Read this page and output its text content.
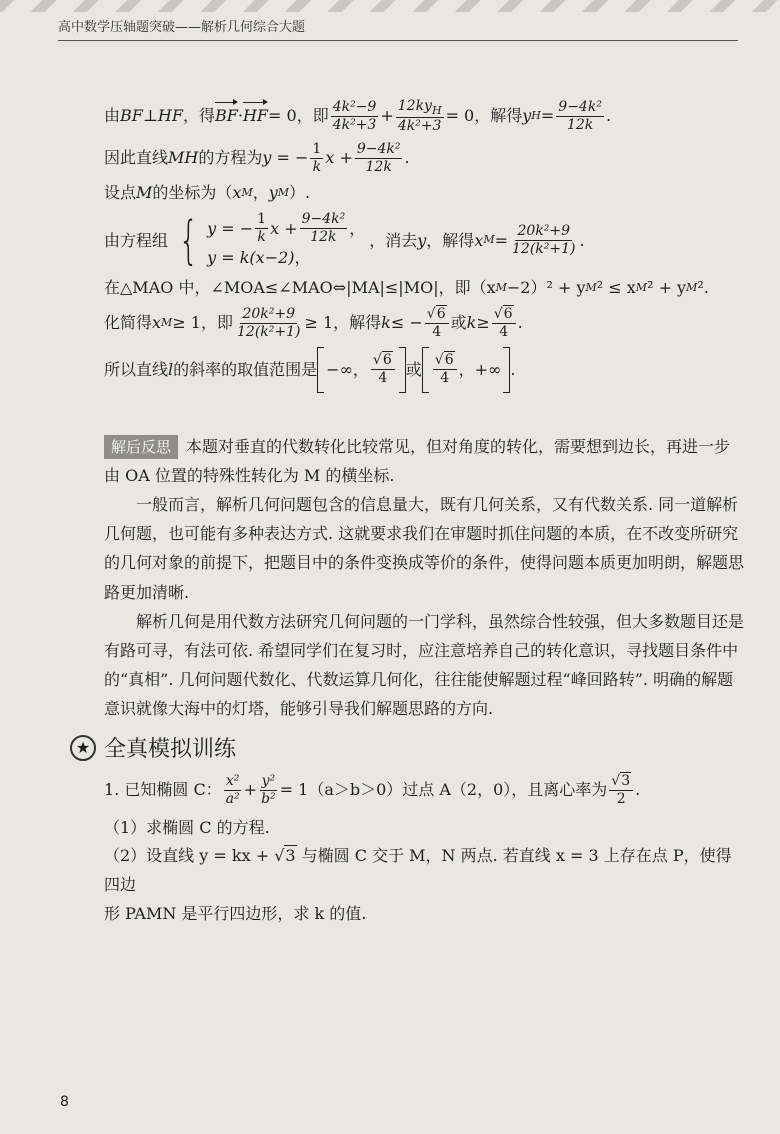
高中数学压轴题突破——解析几何综合大题
由 BF ⊥ HF ，得 BF · HF = 0，即 $\frac{\text{4k²−9}}{\text{4k²+3}} + \frac{12ky_H}{\text{4k²+3}} = 0$，解得 y $H = \frac{\text{9−4k²}}{12k}$ .
因此直线 MH 的方程为 y = − $\frac{1}{k}$ $x + \frac{\text{9−4k²}}{12k}$ .
设点 M 的坐标为（ x M ， y M ）.
由方程组 { y = − $\frac{1}{k}$ $x + \frac{\text{9−4k²}}{12k}$ ，
y = k(x−2) ，
，消去 y ，解得 x $M = \frac{\text{20k²+9}}{\text{12(k²+1)}}$ .
在△MAO 中，∠MOA≤∠MAO⇔|MA|≤|MO|，即（x M −2）² + y M ² ≤ x M ² + y M ².
化简得 x M ≥ 1，即 $\frac{\text{20k²+9}}{\text{12(k²+1)}} \ge 1$，解得 k ≤ − $\frac{√6}{4}$ 或 $k \ge \frac{√6}{4}$ .
所以直线 l 的斜率的取值范围是 −∞， $\frac{√6}{4}$ 或 $\frac{√6}{4}$ ，+∞ .

解后反思 本题对垂直的代数转化比较常见，但对角度的转化，需要想到边长，再进一步由 OA 位置的特殊性转化为 M 的横坐标.

一般而言，解析几何问题包含的信息量大，既有几何关系，又有代数关系. 同一道解析几何题，也可能有多种表达方式. 这就要求我们在审题时抓住问题的本质，在不改变所研究的几何对象的前提下，把题目中的条件变换成等价的条件，使得问题本质更加明朗，解题思路更加清晰.

解析几何是用代数方法研究几何问题的一门学科，虽然综合性较强，但大多数题目还是有路可寻，有法可依. 希望同学们在复习时，应注意培养自己的转化意识，寻找题目条件中的“真相”. 几何问题代数化、代数运算几何化，往往能使解题过程“峰回路转”. 明确的解题意识就像大海中的灯塔，能够引导我们解题思路的方向.

★ 全真模拟训练
1. 已知椭圆 C： $\frac{\text{x²}}{\text{a²}} + \frac{\text{y²}}{\text{b²}} = 1(a>b>0)$过点 A（2，0），且离心率为 $\frac{√3}{2}$ .
（1）求椭圆 C 的方程.
（2）设直线 y = kx + √3 与椭圆 C 交于 M，N 两点. 若直线 x = 3 上存在点 P，使得四边
形 PAMN 是平行四边形，求 k 的值.
8
